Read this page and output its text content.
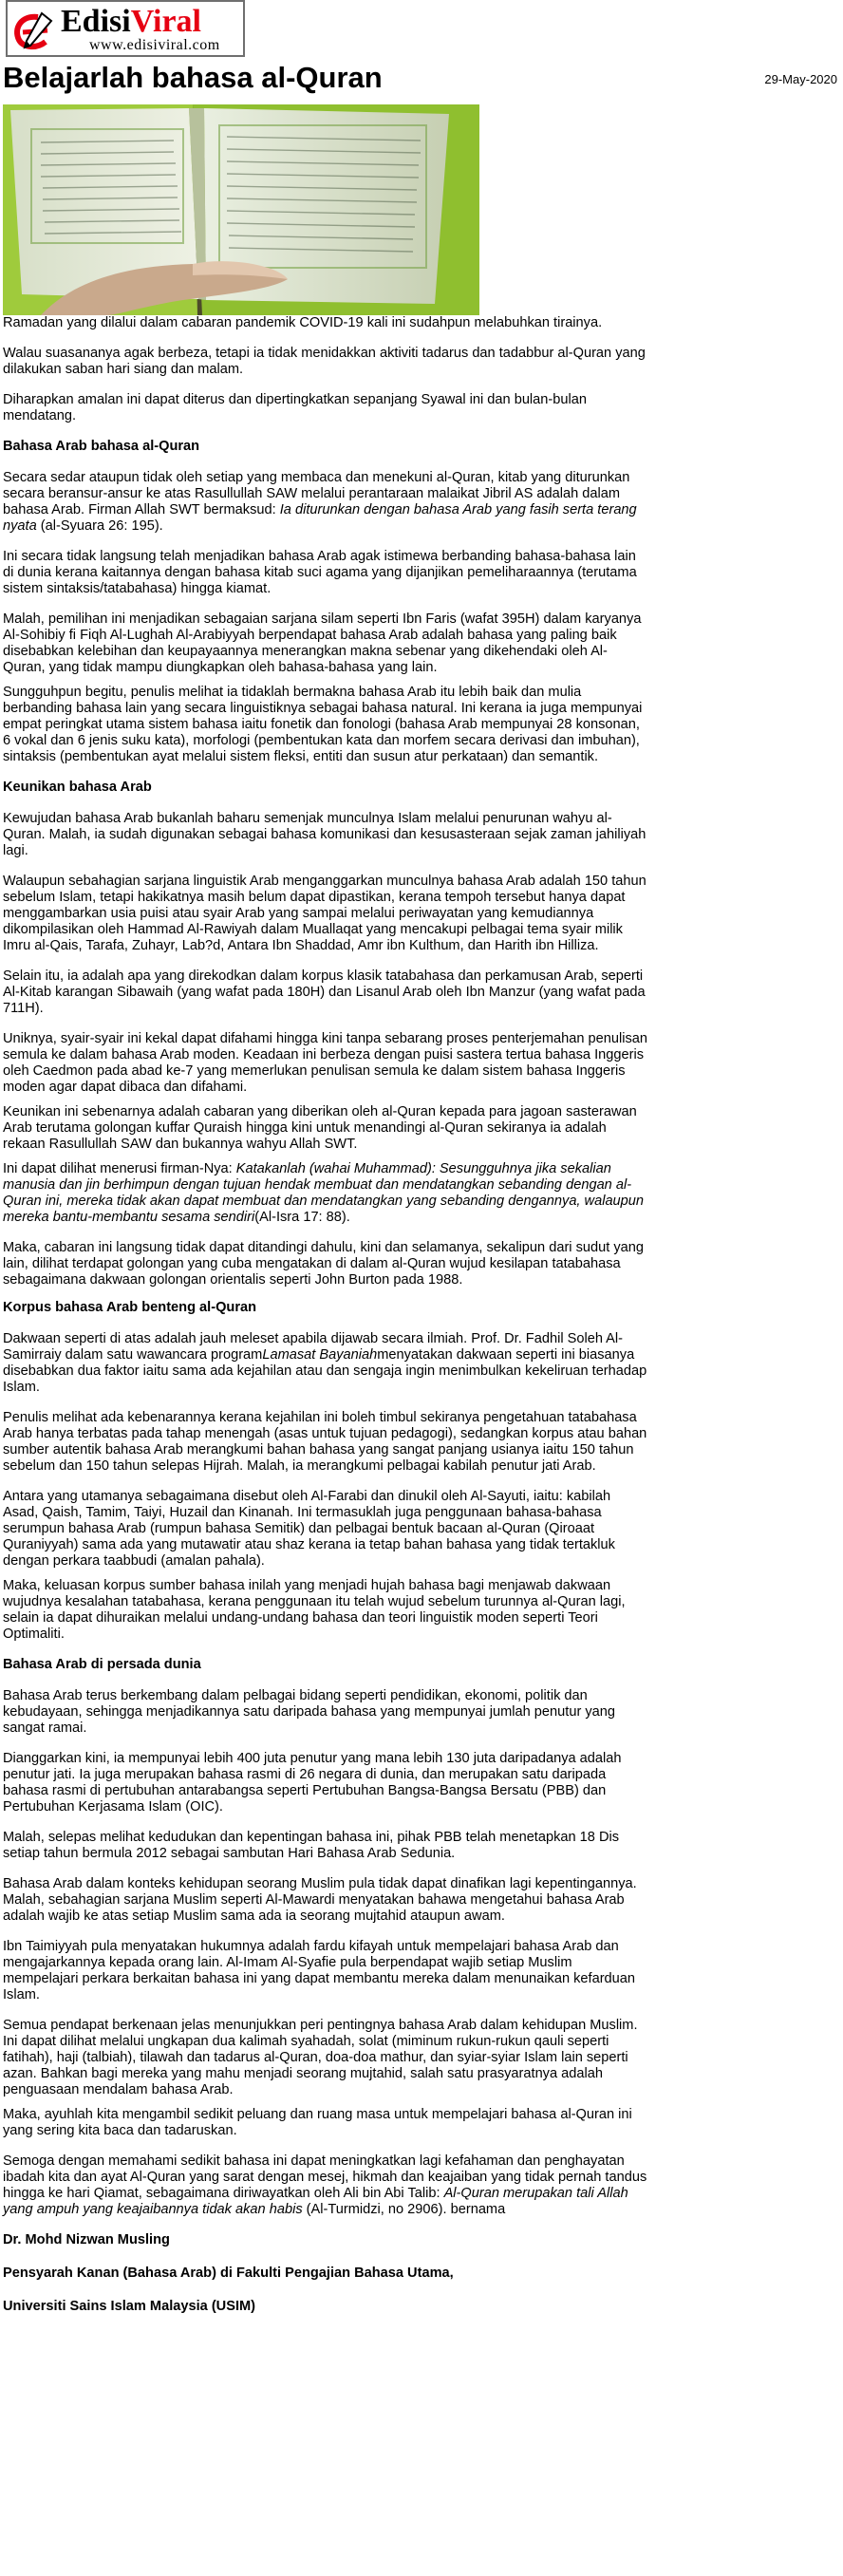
EdisiViral
www.edisiviral.com
Belajarlah bahasa al-Quran	29-May-2020

Ramadan yang dilalui dalam cabaran pandemik COVID-19 kali ini sudahpun melabuhkan tirainya.

Walau suasananya agak berbeza, tetapi ia tidak menidakkan aktiviti tadarus dan tadabbur al-Quran yang dilakukan saban hari siang dan malam.

Diharapkan amalan ini dapat diterus dan dipertingkatkan sepanjang Syawal ini dan bulan-bulan mendatang.

Bahasa Arab bahasa al-Quran

Secara sedar ataupun tidak oleh setiap yang membaca dan menekuni al-Quran, kitab yang diturunkan secara beransur-ansur ke atas Rasullullah SAW melalui perantaraan malaikat Jibril AS adalah dalam bahasa Arab. Firman Allah SWT bermaksud: Ia diturunkan dengan bahasa Arab yang fasih serta terang nyata (al-Syuara 26: 195).

Ini secara tidak langsung telah menjadikan bahasa Arab agak istimewa berbanding bahasa-bahasa lain di dunia kerana kaitannya dengan bahasa kitab suci agama yang dijanjikan pemeliharaannya (terutama sistem sintaksis/tatabahasa) hingga kiamat.

Malah, pemilihan ini menjadikan sebagaian sarjana silam seperti Ibn Faris (wafat 395H) dalam karyanya Al-Sohibiy fi Fiqh Al-Lughah Al-Arabiyyah berpendapat bahasa Arab adalah bahasa yang paling baik disebabkan kelebihan dan keupayaannya menerangkan makna sebenar yang dikehendaki oleh Al-Quran, yang tidak mampu diungkapkan oleh bahasa-bahasa yang lain.

Sungguhpun begitu, penulis melihat ia tidaklah bermakna bahasa Arab itu lebih baik dan mulia berbanding bahasa lain yang secara linguistiknya sebagai bahasa natural. Ini kerana ia juga mempunyai empat peringkat utama sistem bahasa iaitu fonetik dan fonologi (bahasa Arab mempunyai 28 konsonan, 6 vokal dan 6 jenis suku kata), morfologi (pembentukan kata dan morfem secara derivasi dan imbuhan), sintaksis (pembentukan ayat melalui sistem fleksi, entiti dan susun atur perkataan) dan semantik.

Keunikan bahasa Arab

Kewujudan bahasa Arab bukanlah baharu semenjak munculnya Islam melalui penurunan wahyu al-Quran. Malah, ia sudah digunakan sebagai bahasa komunikasi dan kesusasteraan sejak zaman jahiliyah lagi.

Walaupun sebahagian sarjana linguistik Arab menganggarkan munculnya bahasa Arab adalah 150 tahun sebelum Islam, tetapi hakikatnya masih belum dapat dipastikan, kerana tempoh tersebut hanya dapat menggambarkan usia puisi atau syair Arab yang sampai melalui periwayatan yang kemudiannya dikompilasikan oleh Hammad Al-Rawiyah dalam Muallaqat yang mencakupi pelbagai tema syair milik Imru al-Qais, Tarafa, Zuhayr, Lab?d, Antara Ibn Shaddad, Amr ibn Kulthum, dan Harith ibn Hilliza.

Selain itu, ia adalah apa yang direkodkan dalam korpus klasik tatabahasa dan perkamusan Arab, seperti Al-Kitab karangan Sibawaih (yang wafat pada 180H) dan Lisanul Arab oleh Ibn Manzur (yang wafat pada 711H).

Uniknya, syair-syair ini kekal dapat difahami hingga kini tanpa sebarang proses penterjemahan penulisan semula ke dalam bahasa Arab moden. Keadaan ini berbeza dengan puisi sastera tertua bahasa Inggeris oleh Caedmon pada abad ke-7 yang memerlukan penulisan semula ke dalam sistem bahasa Inggeris moden agar dapat dibaca dan difahami.

Keunikan ini sebenarnya adalah cabaran yang diberikan oleh al-Quran kepada para jagoan sasterawan Arab terutama golongan kuffar Quraish hingga kini untuk menandingi al-Quran sekiranya ia adalah rekaan Rasullullah SAW dan bukannya wahyu Allah SWT.

Ini dapat dilihat menerusi firman-Nya: Katakanlah (wahai Muhammad): Sesungguhnya jika sekalian manusia dan jin berhimpun dengan tujuan hendak membuat dan mendatangkan sebanding dengan al-Quran ini, mereka tidak akan dapat membuat dan mendatangkan yang sebanding dengannya, walaupun mereka bantu-membantu sesama sendiri(Al-Isra 17: 88).

Maka, cabaran ini langsung tidak dapat ditandingi dahulu, kini dan selamanya, sekalipun dari sudut yang lain, dilihat terdapat golongan yang cuba mengatakan di dalam al-Quran wujud kesilapan tatabahasa sebagaimana dakwaan golongan orientalis seperti John Burton pada 1988.

Korpus bahasa Arab benteng al-Quran

Dakwaan seperti di atas adalah jauh meleset apabila dijawab secara ilmiah. Prof. Dr. Fadhil Soleh Al-Samirraiy dalam satu wawancara programLamasat Bayaniahmenyatakan dakwaan seperti ini biasanya disebabkan dua faktor iaitu sama ada kejahilan atau dan sengaja ingin menimbulkan kekeliruan terhadap Islam.

Penulis melihat ada kebenarannya kerana kejahilan ini boleh timbul sekiranya pengetahuan tatabahasa Arab hanya terbatas pada tahap menengah (asas untuk tujuan pedagogi), sedangkan korpus atau bahan sumber autentik bahasa Arab merangkumi bahan bahasa yang sangat panjang usianya iaitu 150 tahun sebelum dan 150 tahun selepas Hijrah. Malah, ia merangkumi pelbagai kabilah penutur jati Arab.

Antara yang utamanya sebagaimana disebut oleh Al-Farabi dan dinukil oleh Al-Sayuti, iaitu: kabilah Asad, Qaish, Tamim, Taiyi, Huzail dan Kinanah. Ini termasuklah juga penggunaan bahasa-bahasa serumpun bahasa Arab (rumpun bahasa Semitik) dan pelbagai bentuk bacaan al-Quran (Qiroaat Quraniyyah) sama ada yang mutawatir atau shaz kerana ia tetap bahan bahasa yang tidak tertakluk dengan perkara taabbudi (amalan pahala).

Maka, keluasan korpus sumber bahasa inilah yang menjadi hujah bahasa bagi menjawab dakwaan wujudnya kesalahan tatabahasa, kerana penggunaan itu telah wujud sebelum turunnya al-Quran lagi, selain ia dapat dihuraikan melalui undang-undang bahasa dan teori linguistik moden seperti Teori Optimaliti.

Bahasa Arab di persada dunia

Bahasa Arab terus berkembang dalam pelbagai bidang seperti pendidikan, ekonomi, politik dan kebudayaan, sehingga menjadikannya satu daripada bahasa yang mempunyai jumlah penutur yang sangat ramai.

Dianggarkan kini, ia mempunyai lebih 400 juta penutur yang mana lebih 130 juta daripadanya adalah penutur jati. Ia juga merupakan bahasa rasmi di 26 negara di dunia, dan merupakan satu daripada bahasa rasmi di pertubuhan antarabangsa seperti Pertubuhan Bangsa-Bangsa Bersatu (PBB) dan Pertubuhan Kerjasama Islam (OIC).

Malah, selepas melihat kedudukan dan kepentingan bahasa ini, pihak PBB telah menetapkan 18 Dis setiap tahun bermula 2012 sebagai sambutan Hari Bahasa Arab Sedunia.

Bahasa Arab dalam konteks kehidupan seorang Muslim pula tidak dapat dinafikan lagi kepentingannya. Malah, sebahagian sarjana Muslim seperti Al-Mawardi menyatakan bahawa mengetahui bahasa Arab adalah wajib ke atas setiap Muslim sama ada ia seorang mujtahid ataupun awam.

Ibn Taimiyyah pula menyatakan hukumnya adalah fardu kifayah untuk mempelajari bahasa Arab dan mengajarkannya kepada orang lain. Al-Imam Al-Syafie pula berpendapat wajib setiap Muslim mempelajari perkara berkaitan bahasa ini yang dapat membantu mereka dalam menunaikan kefarduan Islam.

Semua pendapat berkenaan jelas menunjukkan peri pentingnya bahasa Arab dalam kehidupan Muslim. Ini dapat dilihat melalui ungkapan dua kalimah syahadah, solat (miminum rukun-rukun qauli seperti fatihah), haji (talbiah), tilawah dan tadarus al-Quran, doa-doa mathur, dan syiar-syiar Islam lain seperti azan. Bahkan bagi mereka yang mahu menjadi seorang mujtahid, salah satu prasyaratnya adalah penguasaan mendalam bahasa Arab.

Maka, ayuhlah kita mengambil sedikit peluang dan ruang masa untuk mempelajari bahasa al-Quran ini yang sering kita baca dan tadaruskan.

Semoga dengan memahami sedikit bahasa ini dapat meningkatkan lagi kefahaman dan penghayatan ibadah kita dan ayat Al-Quran yang sarat dengan mesej, hikmah dan keajaiban yang tidak pernah tandus hingga ke hari Qiamat, sebagaimana diriwayatkan oleh Ali bin Abi Talib: Al-Quran merupakan tali Allah yang ampuh yang keajaibannya tidak akan habis (Al-Turmidzi, no 2906). bernama

Dr. Mohd Nizwan Musling

Pensyarah Kanan (Bahasa Arab) di Fakulti Pengajian Bahasa Utama,

Universiti Sains Islam Malaysia (USIM)
